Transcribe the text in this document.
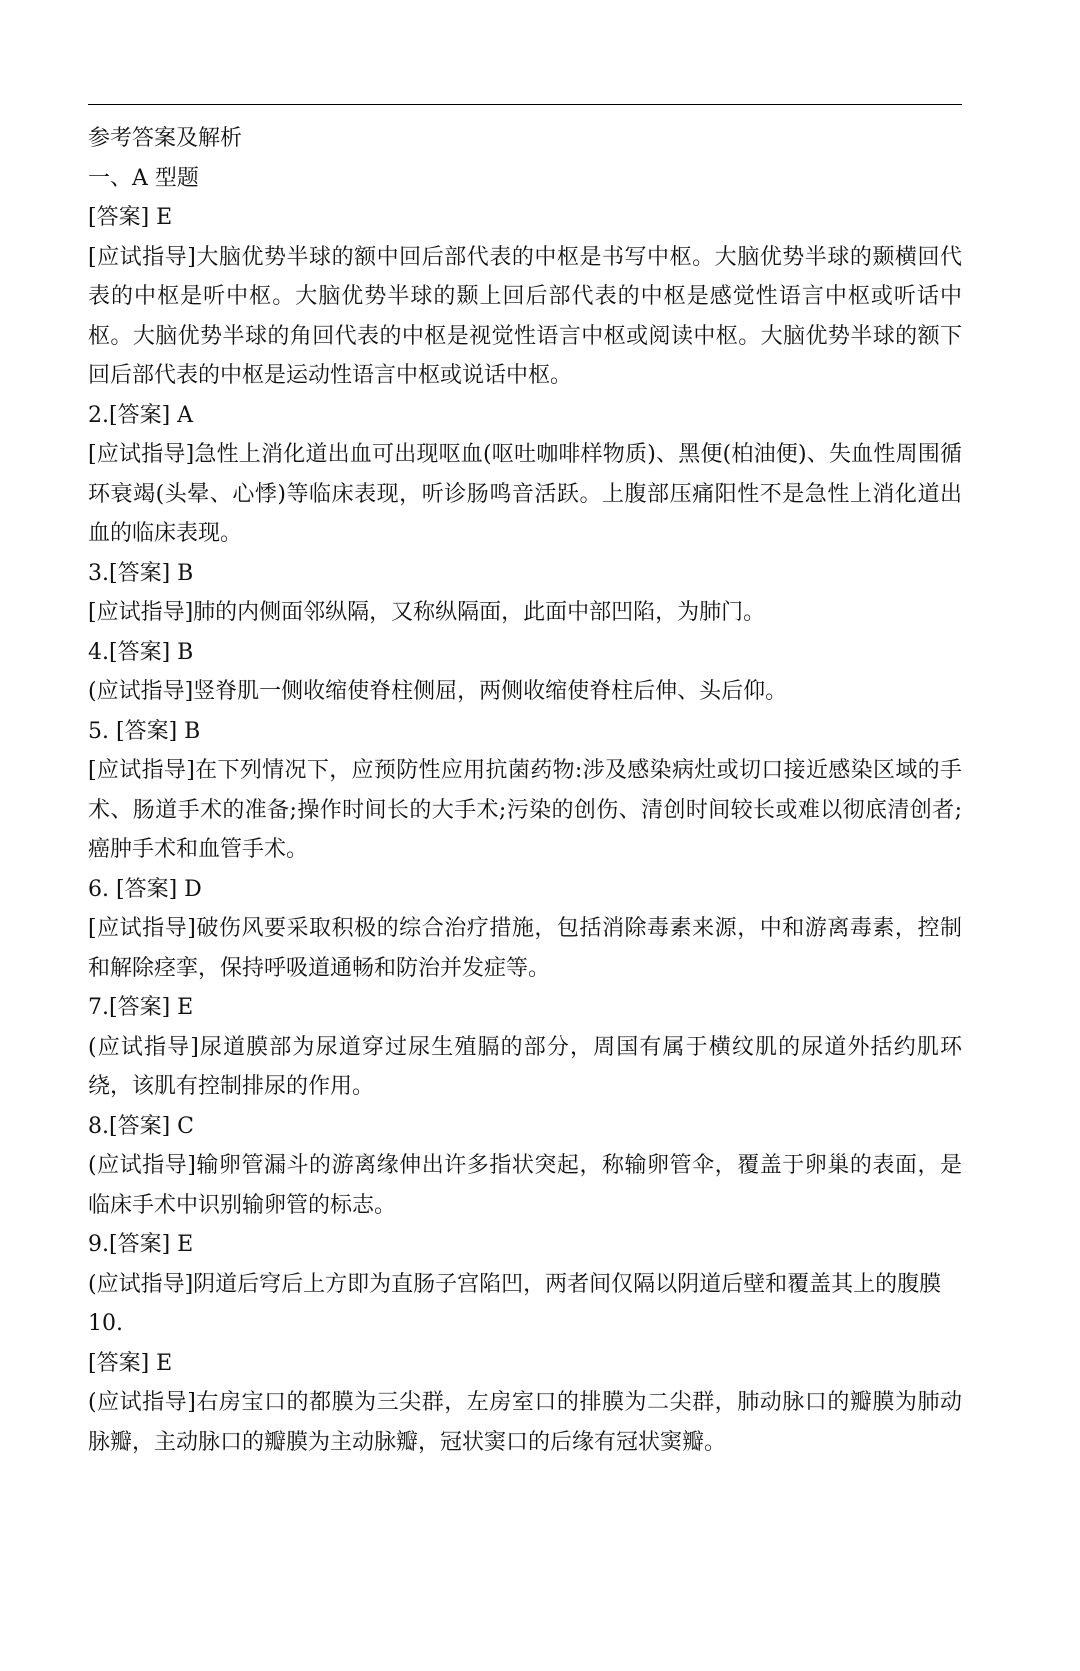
参考答案及解析
一、A 型题
[答案] E
[应试指导]大脑优势半球的额中回后部代表的中枢是书写中枢。大脑优势半球的颞横回代表的中枢是听中枢。大脑优势半球的颞上回后部代表的中枢是感觉性语言中枢或听话中枢。大脑优势半球的角回代表的中枢是视觉性语言中枢或阅读中枢。大脑优势半球的额下回后部代表的中枢是运动性语言中枢或说话中枢。
2.[答案] A
[应试指导]急性上消化道出血可出现呕血(呕吐咖啡样物质)、黑便(柏油便)、失血性周围循环衰竭(头晕、心悸)等临床表现，听诊肠鸣音活跃。上腹部压痛阳性不是急性上消化道出血的临床表现。
3.[答案] B
[应试指导]肺的内侧面邻纵隔，又称纵隔面，此面中部凹陷，为肺门。
4.[答案] B
(应试指导]竖脊肌一侧收缩使脊柱侧屈，两侧收缩使脊柱后伸、头后仰。
5. [答案] B
[应试指导]在下列情况下，应预防性应用抗菌药物:涉及感染病灶或切口接近感染区域的手术、肠道手术的准备;操作时间长的大手术;污染的创伤、清创时间较长或难以彻底清创者;癌肿手术和血管手术。
6. [答案] D
[应试指导]破伤风要采取积极的综合治疗措施，包括消除毒素来源，中和游离毒素，控制和解除痉挛，保持呼吸道通畅和防治并发症等。
7.[答案] E
(应试指导]尿道膜部为尿道穿过尿生殖膈的部分，周国有属于横纹肌的尿道外括约肌环绕，该肌有控制排尿的作用。
8.[答案] C
(应试指导]输卵管漏斗的游离缘伸出许多指状突起，称输卵管伞，覆盖于卵巢的表面，是临床手术中识别输卵管的标志。
9.[答案] E
(应试指导]阴道后穹后上方即为直肠子宫陷凹，两者间仅隔以阴道后壁和覆盖其上的腹膜
10.
[答案] E
(应试指导]右房宝口的都膜为三尖群，左房室口的排膜为二尖群，肺动脉口的瓣膜为肺动脉瓣，主动脉口的瓣膜为主动脉瓣，冠状窦口的后缘有冠状窦瓣。
